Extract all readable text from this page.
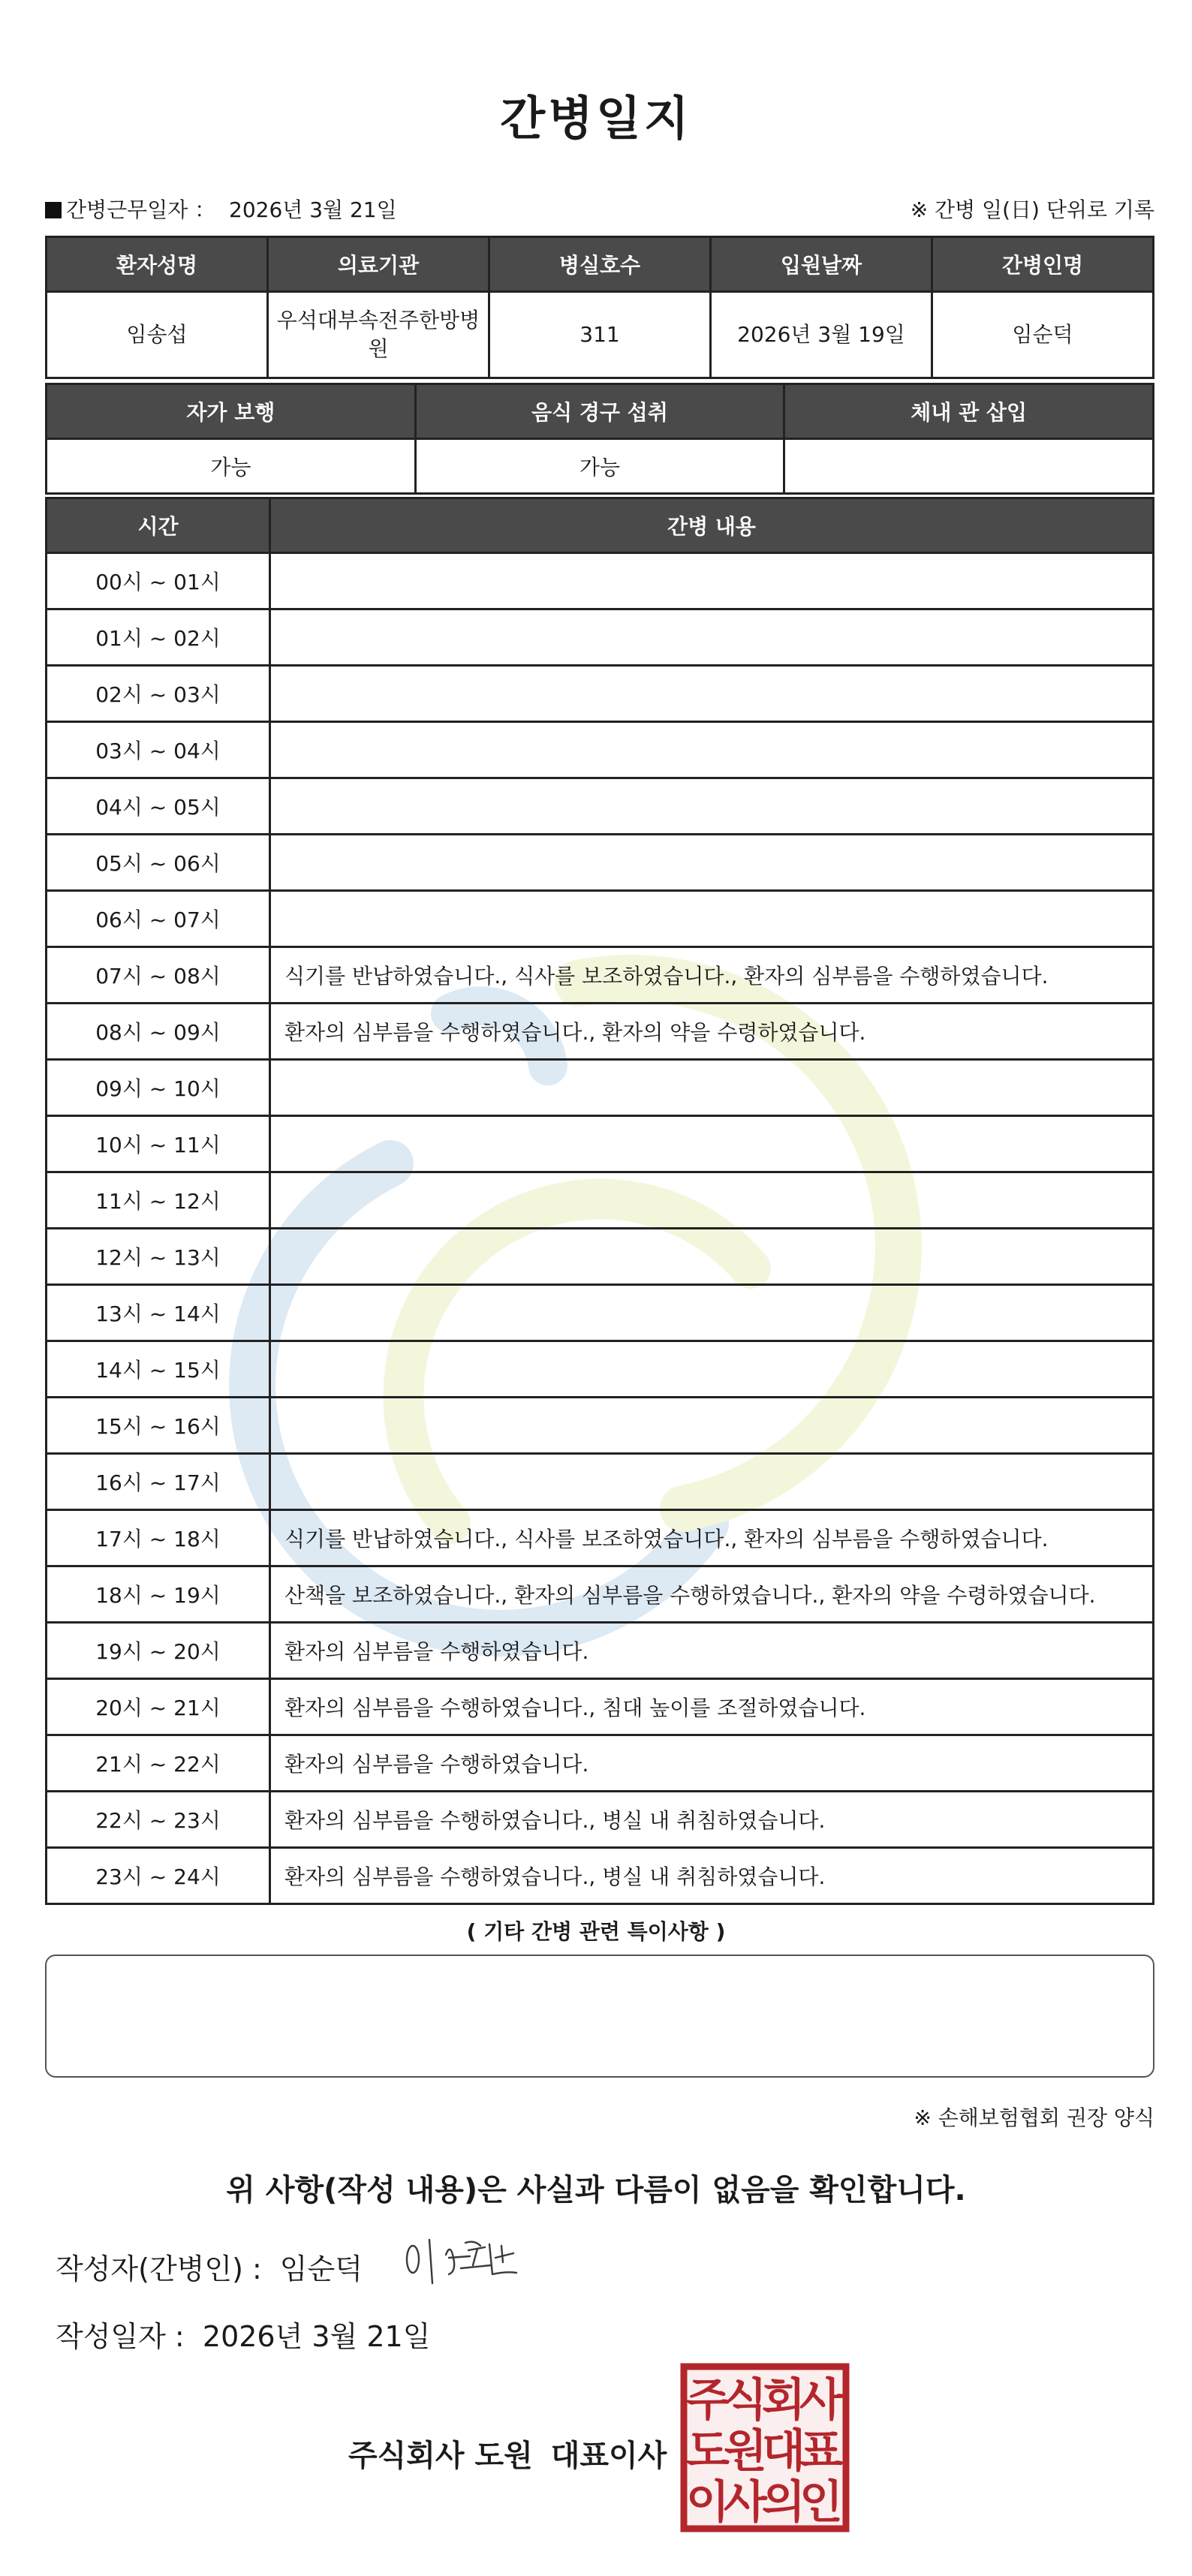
간병일지
간병근무일자 ： 2026년 3월 21일	※ 간병 일(日) 단위로 기록
환자성명	의료기관	병실호수	입원날짜	간병인명
임송섭	우석대부속전주한방병원	311	2026년 3월 19일	임순덕
자가 보행	음식 경구 섭취	체내 관 삽입
가능	가능	
시간	간병 내용
00시 ~ 01시	
01시 ~ 02시	
02시 ~ 03시	
03시 ~ 04시	
04시 ~ 05시	
05시 ~ 06시	
06시 ~ 07시	
07시 ~ 08시	식기를 반납하였습니다., 식사를 보조하였습니다., 환자의 심부름을 수행하였습니다.
08시 ~ 09시	환자의 심부름을 수행하였습니다., 환자의 약을 수령하였습니다.
09시 ~ 10시	
10시 ~ 11시	
11시 ~ 12시	
12시 ~ 13시	
13시 ~ 14시	
14시 ~ 15시	
15시 ~ 16시	
16시 ~ 17시	
17시 ~ 18시	식기를 반납하였습니다., 식사를 보조하였습니다., 환자의 심부름을 수행하였습니다.
18시 ~ 19시	산책을 보조하였습니다., 환자의 심부름을 수행하였습니다., 환자의 약을 수령하였습니다.
19시 ~ 20시	환자의 심부름을 수행하였습니다.
20시 ~ 21시	환자의 심부름을 수행하였습니다., 침대 높이를 조절하였습니다.
21시 ~ 22시	환자의 심부름을 수행하였습니다.
22시 ~ 23시	환자의 심부름을 수행하였습니다., 병실 내 취침하였습니다.
23시 ~ 24시	환자의 심부름을 수행하였습니다., 병실 내 취침하였습니다.
( 기타 간병 관련 특이사항 )
※ 손해보험협회 권장 양식
위 사항(작성 내용)은 사실과 다름이 없음을 확인합니다.
작성자(간병인) : 임순덕
작성일자 : 2026년 3월 21일
주식회사 도원 대표이사
주
식
회
사
도
원
대
표
이
사
의
인
